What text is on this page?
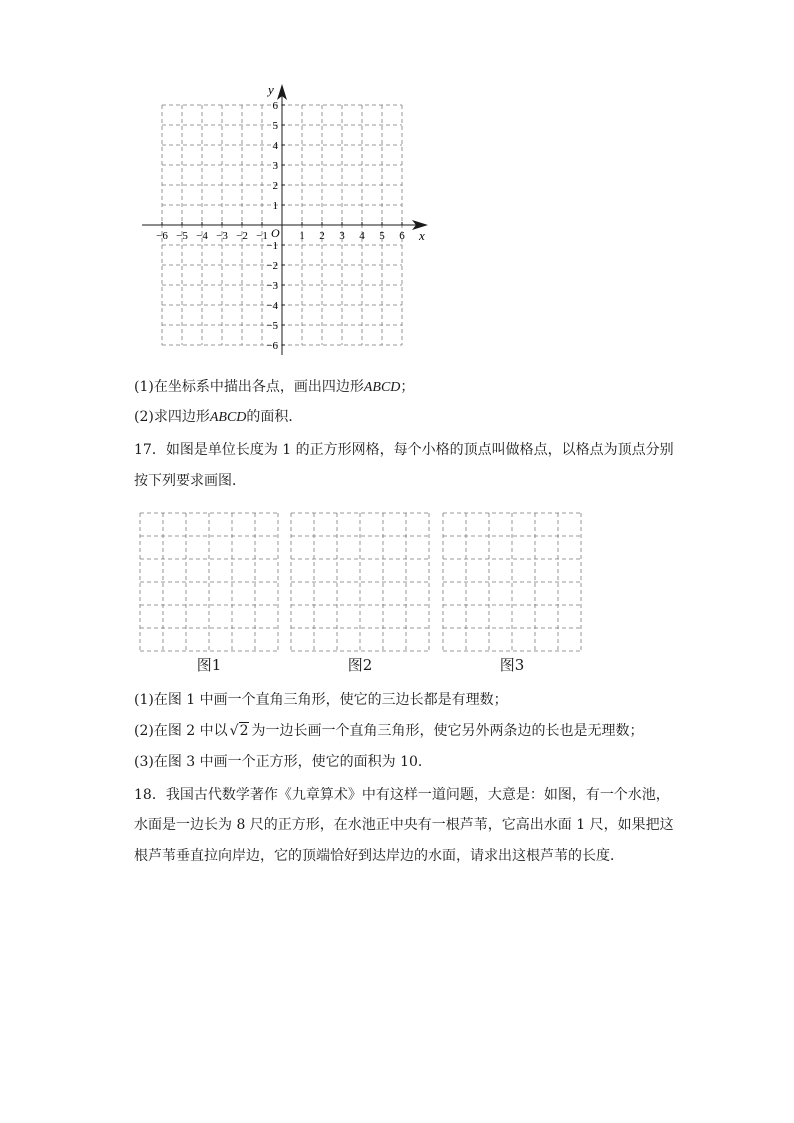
−6 −5 −4 −3 −2 −1	1 2 3 4 5 6
6
5
4
3
2
1
−1
−2
−3
−4
−5
−6
x
y
O
(1)在坐标系中描出各点，画出四边形ABCD；
(2)求四边形ABCD的面积．
17．如图是单位长度为 1 的正方形网格，每个小格的顶点叫做格点，以格点为顶点分别
按下列要求画图．
图1	图2	图3
(1)在图 1 中画一个直角三角形，使它的三边长都是有理数；
(2)在图 2 中以 √2 为一边长画一个直角三角形，使它另外两条边的长也是无理数；
(3)在图 3 中画一个正方形，使它的面积为 10．
18．我国古代数学著作《九章算术》中有这样一道问题，大意是：如图，有一个水池，
水面是一边长为 8 尺的正方形，在水池正中央有一根芦苇，它高出水面 1 尺，如果把这
根芦苇垂直拉向岸边，它的顶端恰好到达岸边的水面，请求出这根芦苇的长度．
